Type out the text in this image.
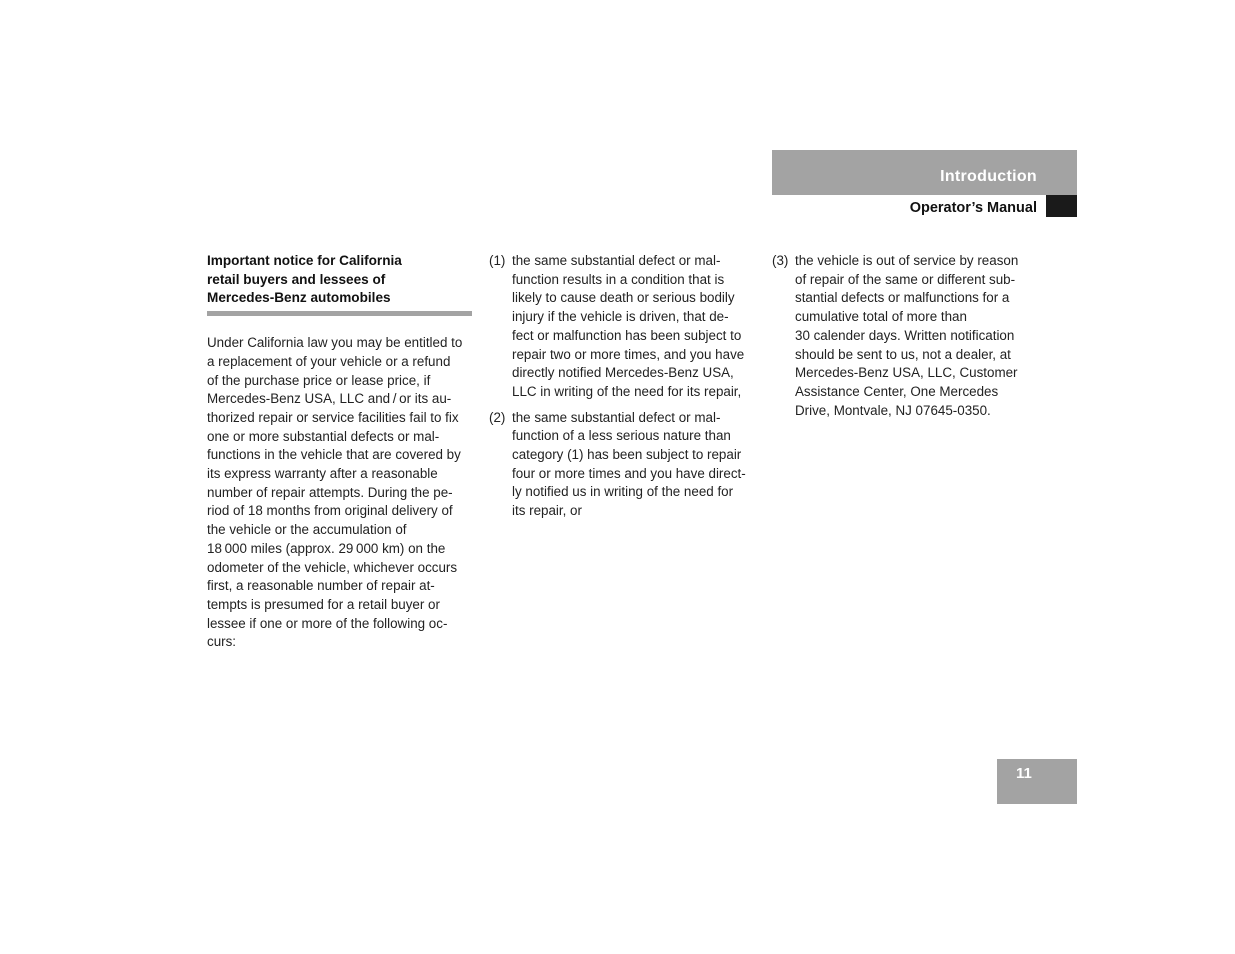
Introduction
Operator’s Manual
Important notice for California
retail buyers and lessees of
Mercedes-Benz automobiles
Under California law you may be entitled to
a replacement of your vehicle or a refund
of the purchase price or lease price, if
Mercedes-Benz USA, LLC and / or its au-
thorized repair or service facilities fail to fix
one or more substantial defects or mal-
functions in the vehicle that are covered by
its express warranty after a reasonable
number of repair attempts. During the pe-
riod of 18 months from original delivery of
the vehicle or the accumulation of
18 000 miles (approx. 29 000 km) on the
odometer of the vehicle, whichever occurs
first, a reasonable number of repair at-
tempts is presumed for a retail buyer or
lessee if one or more of the following oc-
curs:
(1) the same substantial defect or mal-
function results in a condition that is
likely to cause death or serious bodily
injury if the vehicle is driven, that de-
fect or malfunction has been subject to
repair two or more times, and you have
directly notified Mercedes-Benz USA,
LLC in writing of the need for its repair,
(2) the same substantial defect or mal-
function of a less serious nature than
category (1) has been subject to repair
four or more times and you have direct-
ly notified us in writing of the need for
its repair, or
(3) the vehicle is out of service by reason
of repair of the same or different sub-
stantial defects or malfunctions for a
cumulative total of more than
30 calender days. Written notification
should be sent to us, not a dealer, at
Mercedes-Benz USA, LLC, Customer
Assistance Center, One Mercedes
Drive, Montvale, NJ 07645-0350.
11
